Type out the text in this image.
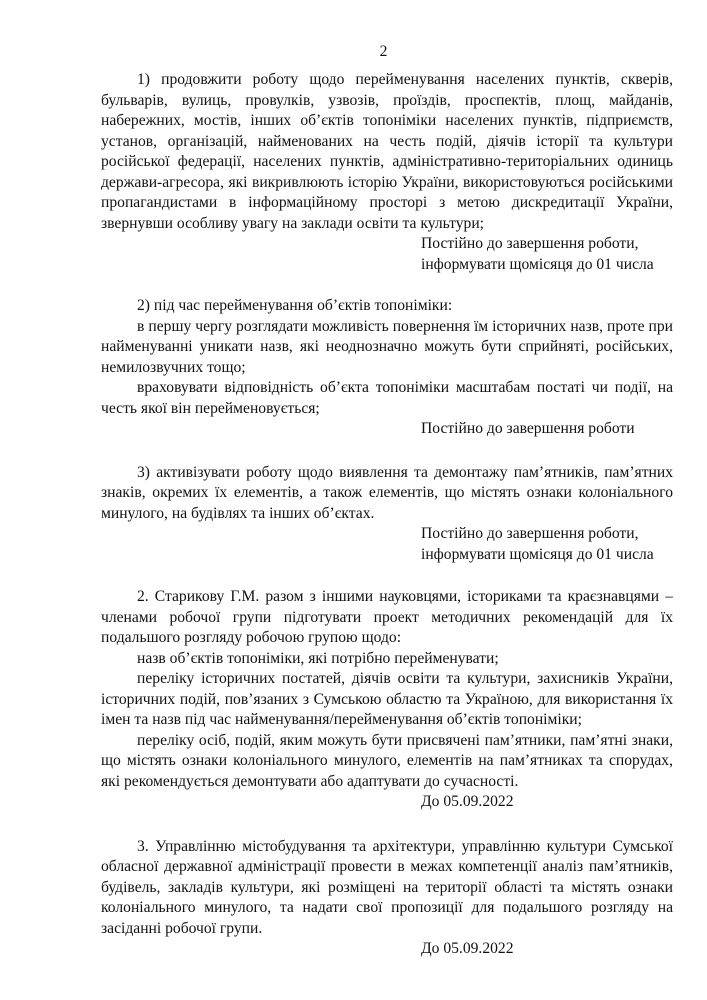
2

1) продовжити роботу щодо перейменування населених пунктів, скверів, бульварів, вулиць, провулків, узвозів, проїздів, проспектів, площ, майданів, набережних, мостів, інших об’єктів топоніміки населених пунктів, підприємств, установ, організацій, найменованих на честь подій, діячів історії та культури російської федерації, населених пунктів, адміністративно-територіальних одиниць держави-агресора, які викривлюють історію України, використовуються російськими пропагандистами в інформаційному просторі з метою дискредитації України, звернувши особливу увагу на заклади освіти та культури;

Постійно до завершення роботи,

інформувати щомісяця до 01 числа

2) під час перейменування об’єктів топоніміки:

в першу чергу розглядати можливість повернення їм історичних назв, проте при найменуванні уникати назв, які неоднозначно можуть бути сприйняті, російських, немилозвучних тощо;

враховувати відповідність об’єкта топоніміки масштабам постаті чи події, на честь якої він перейменовується;

Постійно до завершення роботи

3) активізувати роботу щодо виявлення та демонтажу пам’ятників, пам’ятних знаків, окремих їх елементів, а також елементів, що містять ознаки колоніального минулого, на будівлях та інших об’єктах.

Постійно до завершення роботи,

інформувати щомісяця до 01 числа

2. Старикову Г.М. разом з іншими науковцями, істориками та краєзнавцями – членами робочої групи підготувати проект методичних рекомендацій для їх подальшого розгляду робочою групою щодо:

назв об’єктів топоніміки, які потрібно перейменувати;

переліку історичних постатей, діячів освіти та культури, захисників України, історичних подій, пов’язаних з Сумською областю та Україною, для використання їх імен та назв під час найменування/перейменування об’єктів топоніміки;

переліку осіб, подій, яким можуть бути присвячені пам’ятники, пам’ятні знаки, що містять ознаки колоніального минулого, елементів на пам’ятниках та спорудах, які рекомендується демонтувати або адаптувати до сучасності.

До 05.09.2022

3. Управлінню містобудування та архітектури, управлінню культури Сумської обласної державної адміністрації провести в межах компетенції аналіз пам’ятників, будівель, закладів культури, які розміщені на території області та містять ознаки колоніального минулого, та надати свої пропозиції для подальшого розгляду на засіданні робочої групи.

До 05.09.2022
